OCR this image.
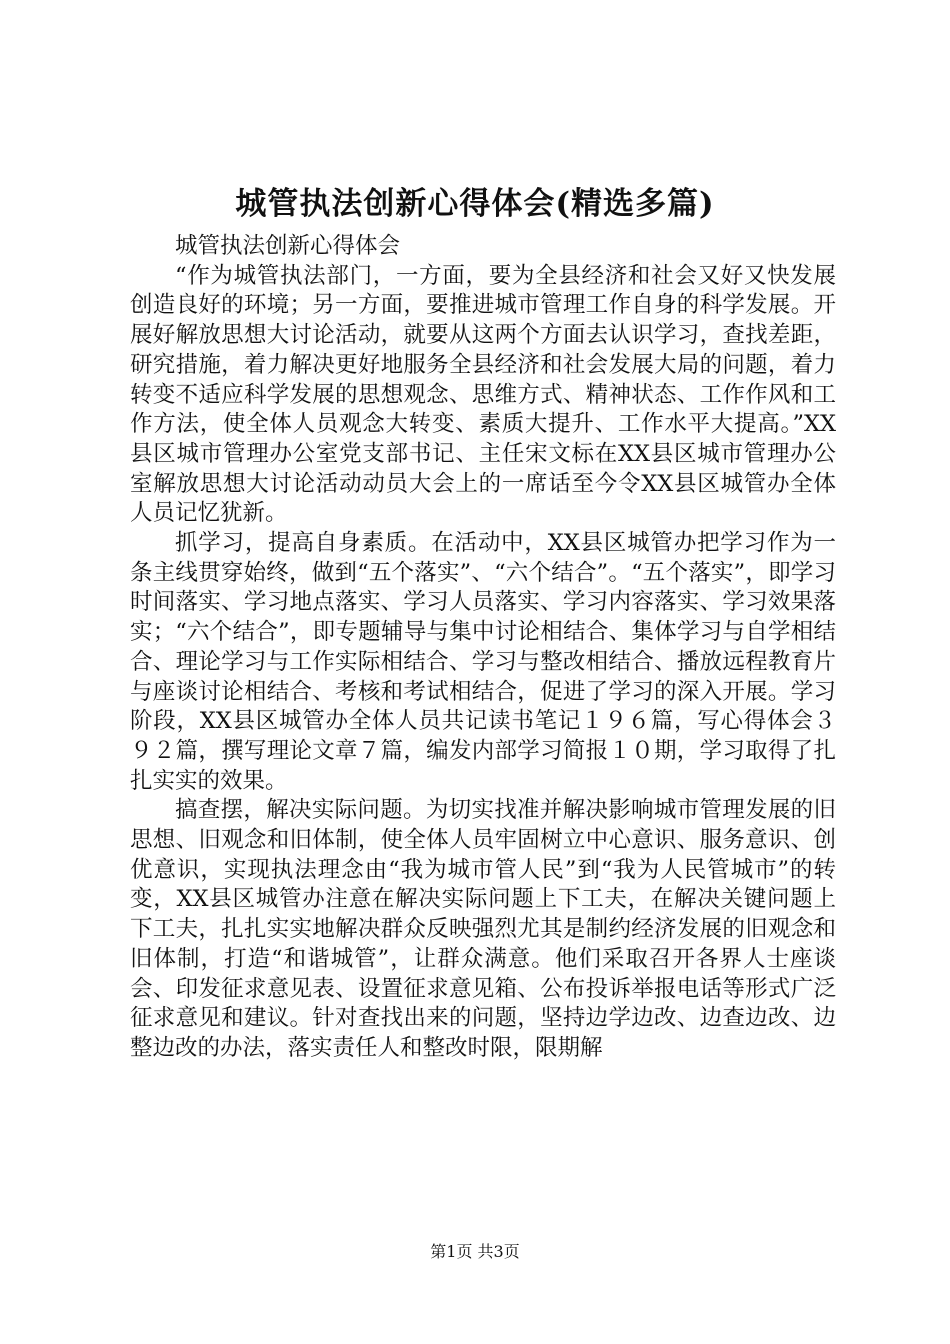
城管执法创新心得体会(精选多篇)

城管执法创新心得体会

“作为城管执法部门，一方面，要为全县经济和社会又好又快发展创造良好的环境；另一方面，要推进城市管理工作自身的科学发展。开展好解放思想大讨论活动，就要从这两个方面去认识学习，查找差距，研究措施，着力解决更好地服务全县经济和社会发展大局的问题，着力转变不适应科学发展的思想观念、思维方式、精神状态、工作作风和工作方法，使全体人员观念大转变、素质大提升、工作水平大提高。”XX县区城市管理办公室党支部书记、主任宋文标在XX县区城市管理办公室解放思想大讨论活动动员大会上的一席话至今令XX县区城管办全体人员记忆犹新。

抓学习，提高自身素质。在活动中，XX县区城管办把学习作为一条主线贯穿始终，做到“五个落实”、“六个结合”。“五个落实”，即学习时间落实、学习地点落实、学习人员落实、学习内容落实、学习效果落实；“六个结合”，即专题辅导与集中讨论相结合、集体学习与自学相结合、理论学习与工作实际相结合、学习与整改相结合、播放远程教育片与座谈讨论相结合、考核和考试相结合，促进了学习的深入开展。学习阶段，XX县区城管办全体人员共记读书笔记１９６篇，写心得体会３９２篇，撰写理论文章７篇，编发内部学习简报１０期，学习取得了扎扎实实的效果。

搞查摆，解决实际问题。为切实找准并解决影响城市管理发展的旧思想、旧观念和旧体制，使全体人员牢固树立中心意识、服务意识、创优意识，实现执法理念由“我为城市管人民”到“我为人民管城市”的转变，XX县区城管办注意在解决实际问题上下工夫，在解决关键问题上下工夫，扎扎实实地解决群众反映强烈尤其是制约经济发展的旧观念和旧体制，打造“和谐城管”，让群众满意。他们采取召开各界人士座谈会、印发征求意见表、设置征求意见箱、公布投诉举报电话等形式广泛征求意见和建议。针对查找出来的问题，坚持边学边改、边查边改、边整边改的办法，落实责任人和整改时限，限期解

第1页 共3页
